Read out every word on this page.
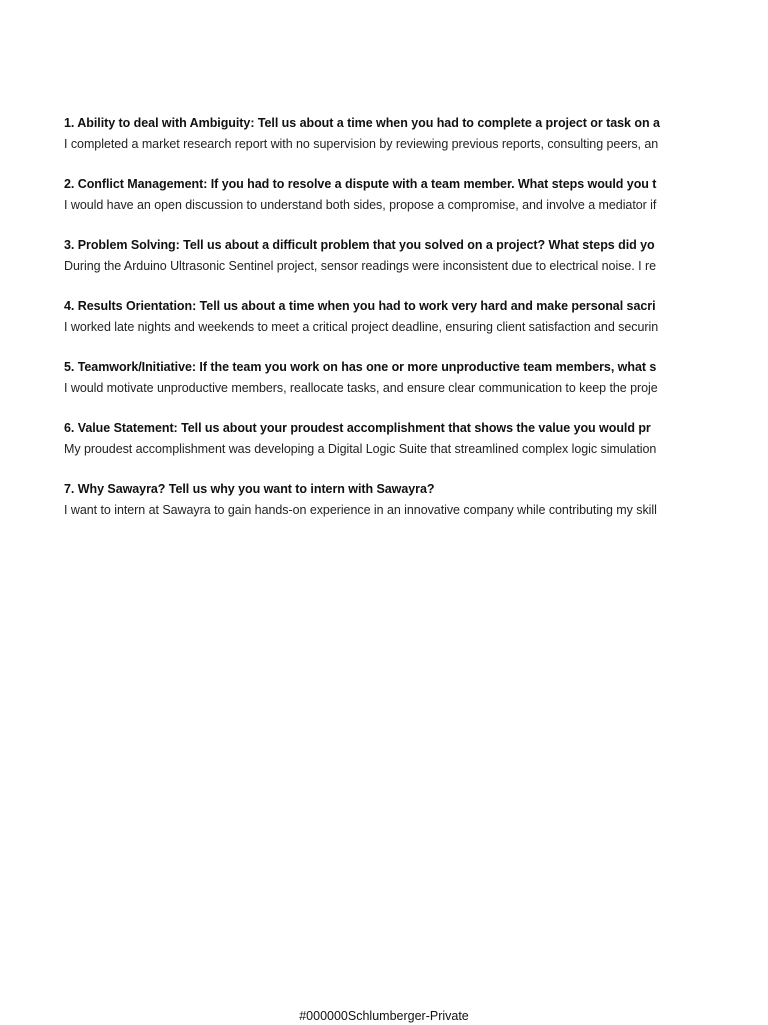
1. Ability to deal with Ambiguity: Tell us about a time when you had to complete a project or task on a
I completed a market research report with no supervision by reviewing previous reports, consulting peers, an
2. Conflict Management: If you had to resolve a dispute with a team member. What steps would you t
I would have an open discussion to understand both sides, propose a compromise, and involve a mediator if
3. Problem Solving: Tell us about a difficult problem that you solved on a project? What steps did yo
During the Arduino Ultrasonic Sentinel project, sensor readings were inconsistent due to electrical noise. I re
4. Results Orientation: Tell us about a time when you had to work very hard and make personal sacri
I worked late nights and weekends to meet a critical project deadline, ensuring client satisfaction and securin
5. Teamwork/Initiative: If the team you work on has one or more unproductive team members, what s
I would motivate unproductive members, reallocate tasks, and ensure clear communication to keep the proje
6. Value Statement: Tell us about your proudest accomplishment that shows the value you would pr
My proudest accomplishment was developing a Digital Logic Suite that streamlined complex logic simulation
7. Why Sawayra? Tell us why you want to intern with Sawayra?
I want to intern at Sawayra to gain hands-on experience in an innovative company while contributing my skill
#000000Schlumberger-Private
